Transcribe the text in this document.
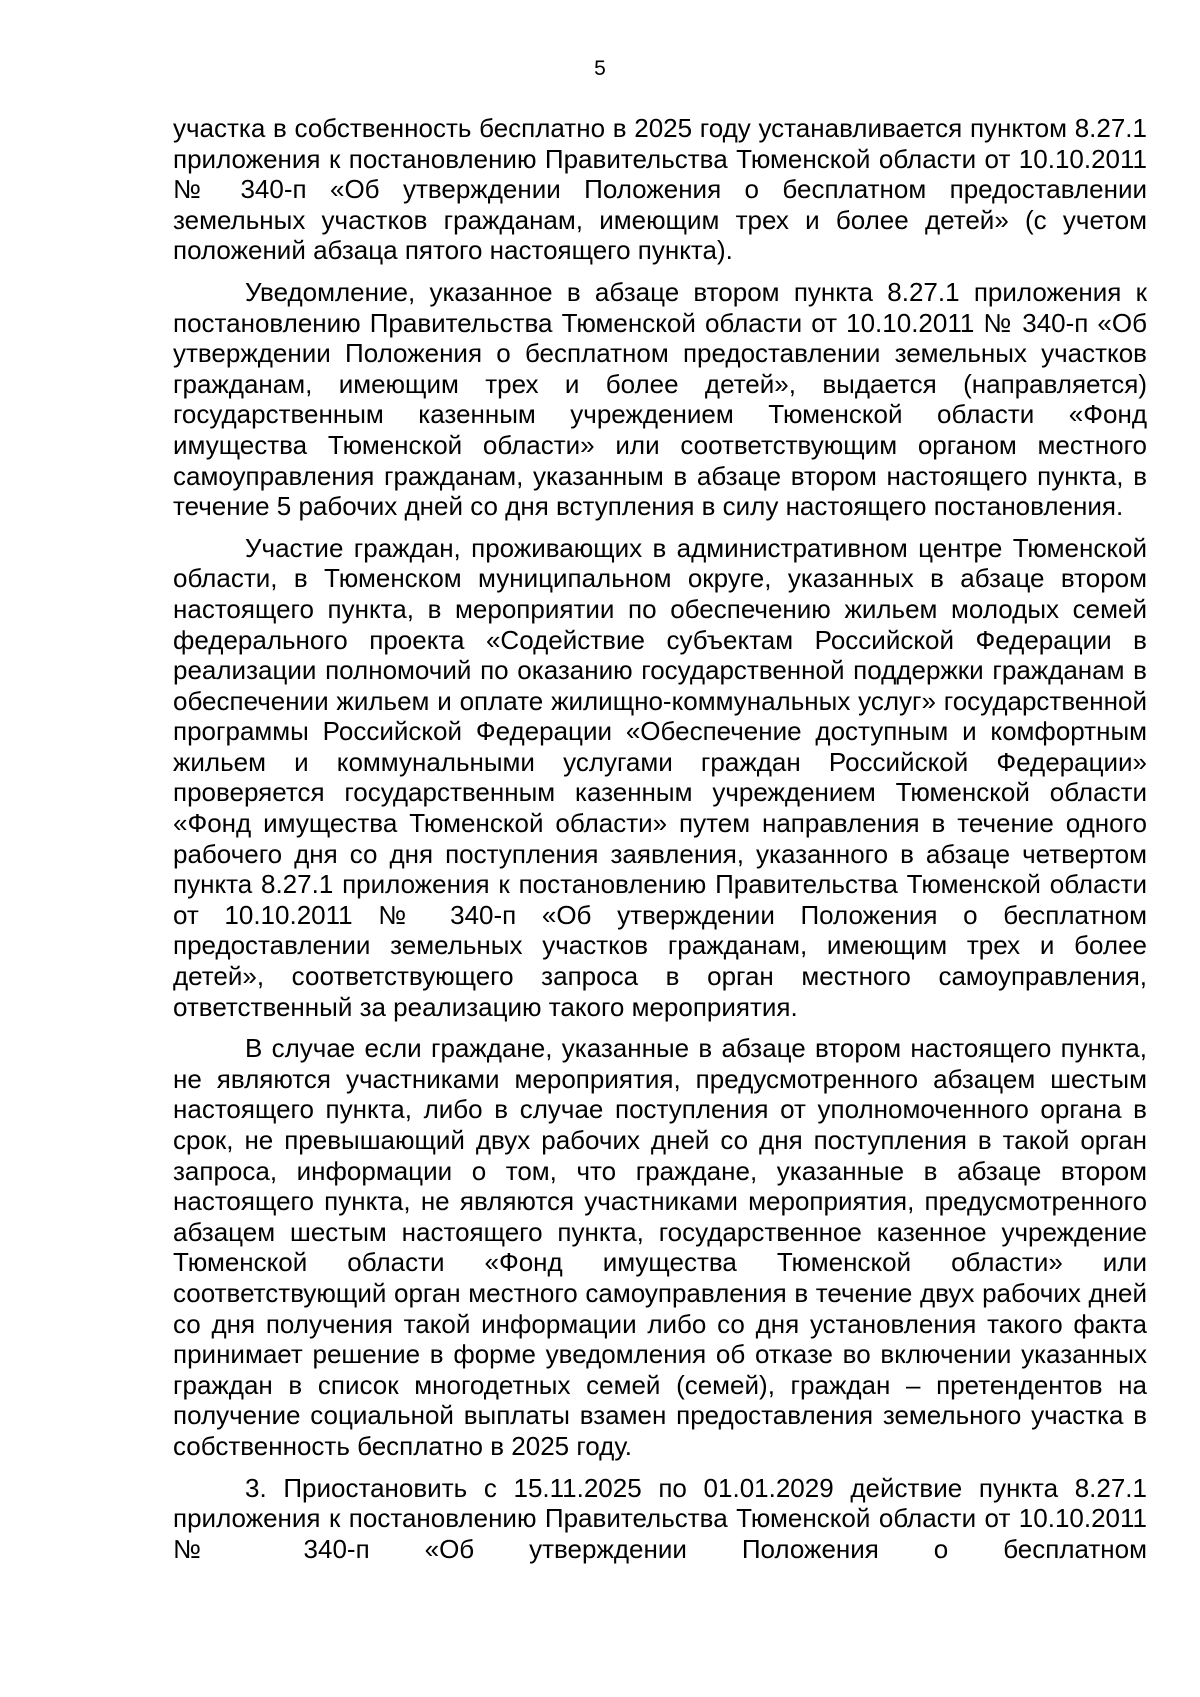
5

участка в собственность бесплатно в 2025 году устанавливается пунктом 8.27.1 приложения к постановлению Правительства Тюменской области от 10.10.2011 № 340-п «Об утверждении Положения о бесплатном предоставлении земельных участков гражданам, имеющим трех и более детей» (с учетом положений абзаца пятого настоящего пункта).

Уведомление, указанное в абзаце втором пункта 8.27.1 приложения к постановлению Правительства Тюменской области от 10.10.2011 № 340-п «Об утверждении Положения о бесплатном предоставлении земельных участков гражданам, имеющим трех и более детей», выдается (направляется) государственным казенным учреждением Тюменской области «Фонд имущества Тюменской области» или соответствующим органом местного самоуправления гражданам, указанным в абзаце втором настоящего пункта, в течение 5 рабочих дней со дня вступления в силу настоящего постановления.

Участие граждан, проживающих в административном центре Тюменской области, в Тюменском муниципальном округе, указанных в абзаце втором настоящего пункта, в мероприятии по обеспечению жильем молодых семей федерального проекта «Содействие субъектам Российской Федерации в реализации полномочий по оказанию государственной поддержки гражданам в обеспечении жильем и оплате жилищно-коммунальных услуг» государственной программы Российской Федерации «Обеспечение доступным и комфортным жильем и коммунальными услугами граждан Российской Федерации» проверяется государственным казенным учреждением Тюменской области «Фонд имущества Тюменской области» путем направления в течение одного рабочего дня со дня поступления заявления, указанного в абзаце четвертом пункта 8.27.1 приложения к постановлению Правительства Тюменской области от 10.10.2011 № 340-п «Об утверждении Положения о бесплатном предоставлении земельных участков гражданам, имеющим трех и более детей», соответствующего запроса в орган местного самоуправления, ответственный за реализацию такого мероприятия.

В случае если граждане, указанные в абзаце втором настоящего пункта, не являются участниками мероприятия, предусмотренного абзацем шестым настоящего пункта, либо в случае поступления от уполномоченного органа в срок, не превышающий двух рабочих дней со дня поступления в такой орган запроса, информации о том, что граждане, указанные в абзаце втором настоящего пункта, не являются участниками мероприятия, предусмотренного абзацем шестым настоящего пункта, государственное казенное учреждение Тюменской области «Фонд имущества Тюменской области» или соответствующий орган местного самоуправления в течение двух рабочих дней со дня получения такой информации либо со дня установления такого факта принимает решение в форме уведомления об отказе во включении указанных граждан в список многодетных семей (семей), граждан – претендентов на получение социальной выплаты взамен предоставления земельного участка в собственность бесплатно в 2025 году.

3. Приостановить с 15.11.2025 по 01.01.2029 действие пункта 8.27.1 приложения к постановлению Правительства Тюменской области от 10.10.2011 № 340-п «Об утверждении Положения о бесплатном
